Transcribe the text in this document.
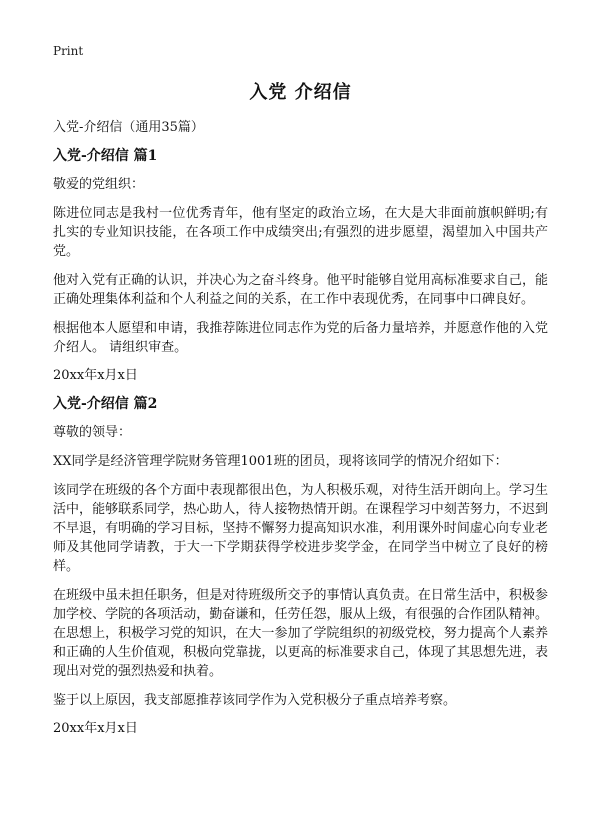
Print
入党 介绍信
入党-介绍信（通用35篇）
入党-介绍信 篇1
敬爱的党组织：
陈进位同志是我村一位优秀青年，他有坚定的政治立场，在大是大非面前旗帜鲜明;有扎实的专业知识技能，在各项工作中成绩突出;有强烈的进步愿望，渴望加入中国共产党。
他对入党有正确的认识，并决心为之奋斗终身。他平时能够自觉用高标准要求自己，能正确处理集体利益和个人利益之间的关系，在工作中表现优秀，在同事中口碑良好。
根据他本人愿望和申请，我推荐陈进位同志作为党的后备力量培养，并愿意作他的入党介绍人。 请组织审查。
20xx年x月x日
入党-介绍信 篇2
尊敬的领导：
XX同学是经济管理学院财务管理1001班的团员，现将该同学的情况介绍如下：
该同学在班级的各个方面中表现都很出色，为人积极乐观，对待生活开朗向上。学习生活中，能够联系同学，热心助人，待人接物热情开朗。在课程学习中刻苦努力，不迟到不早退，有明确的学习目标，坚持不懈努力提高知识水准，利用课外时间虚心向专业老师及其他同学请教，于大一下学期获得学校进步奖学金，在同学当中树立了良好的榜样。
在班级中虽未担任职务，但是对待班级所交予的事情认真负责。在日常生活中，积极参加学校、学院的各项活动，勤奋谦和，任劳任怨，服从上级，有很强的合作团队精神。在思想上，积极学习党的知识，在大一参加了学院组织的初级党校，努力提高个人素养和正确的人生价值观，积极向党靠拢，以更高的标准要求自己，体现了其思想先进，表现出对党的强烈热爱和执着。
鉴于以上原因，我支部愿推荐该同学作为入党积极分子重点培养考察。
20xx年x月x日
